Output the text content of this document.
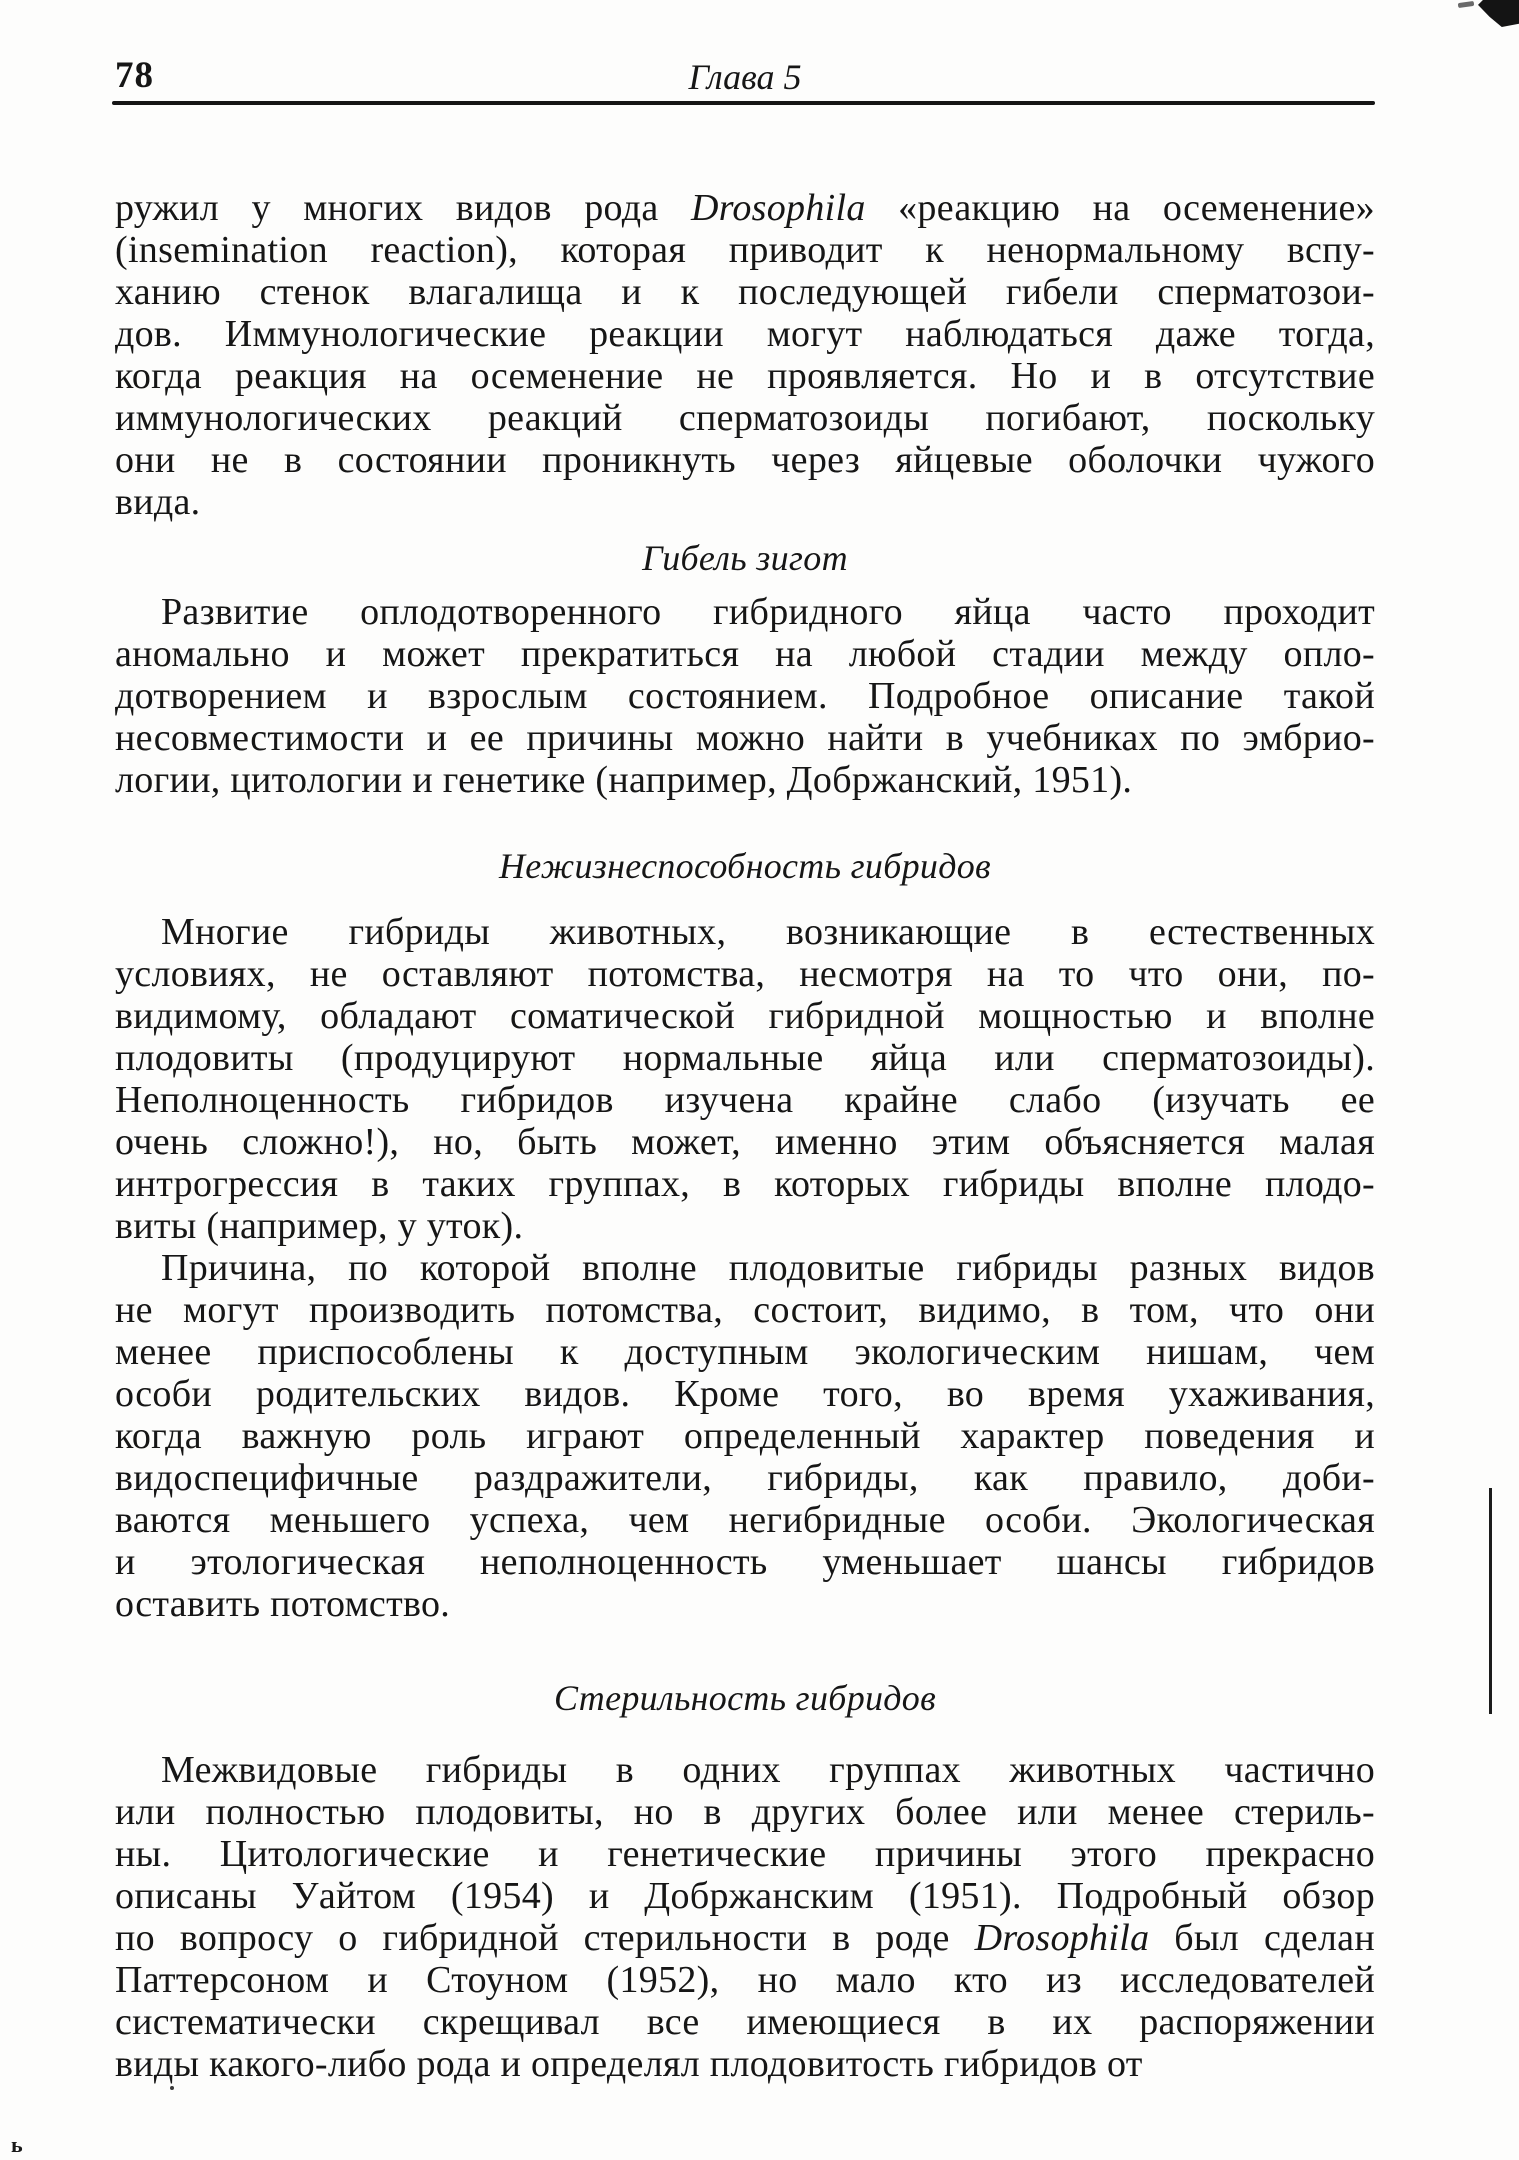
78	Глава 5
ружил у многих видов рода Drosophila «реакцию на осеменение»
(insemination reaction), которая приводит к ненормальному вспу-
ханию стенок влагалища и к последующей гибели сперматозои-
дов. Иммунологические реакции могут наблюдаться даже тогда,
когда реакция на осеменение не проявляется. Но и в отсутствие
иммунологических реакций сперматозоиды погибают, поскольку
они не в состоянии проникнуть через яйцевые оболочки чужого
вида.
Гибель зигот
Развитие оплодотворенного гибридного яйца часто проходит
аномально и может прекратиться на любой стадии между опло-
дотворением и взрослым состоянием. Подробное описание такой
несовместимости и ее причины можно найти в учебниках по эмбрио-
логии, цитологии и генетике (например, Добржанский, 1951).
Нежизнеспособность гибридов
Многие гибриды животных, возникающие в естественных
условиях, не оставляют потомства, несмотря на то что они, по-
видимому, обладают соматической гибридной мощностью и вполне
плодовиты (продуцируют нормальные яйца или сперматозоиды).
Неполноценность гибридов изучена крайне слабо (изучать ее
очень сложно!), но, быть может, именно этим объясняется малая
интрогрессия в таких группах, в которых гибриды вполне плодо-
виты (например, у уток).
Причина, по которой вполне плодовитые гибриды разных видов
не могут производить потомства, состоит, видимо, в том, что они
менее приспособлены к доступным экологическим нишам, чем
особи родительских видов. Кроме того, во время ухаживания,
когда важную роль играют определенный характер поведения и
видоспецифичные раздражители, гибриды, как правило, доби-
ваются меньшего успеха, чем негибридные особи. Экологическая
и этологическая неполноценность уменьшает шансы гибридов
оставить потомство.
Стерильность гибридов
Межвидовые гибриды в одних группах животных частично
или полностью плодовиты, но в других более или менее стериль-
ны. Цитологические и генетические причины этого прекрасно
описаны Уайтом (1954) и Добржанским (1951). Подробный обзор
по вопросу о гибридной стерильности в роде Drosophila был сделан
Паттерсоном и Стоуном (1952), но мало кто из исследователей
систематически скрещивал все имеющиеся в их распоряжении
виды какого-либо рода и определял плодовитость гибридов от
ь
